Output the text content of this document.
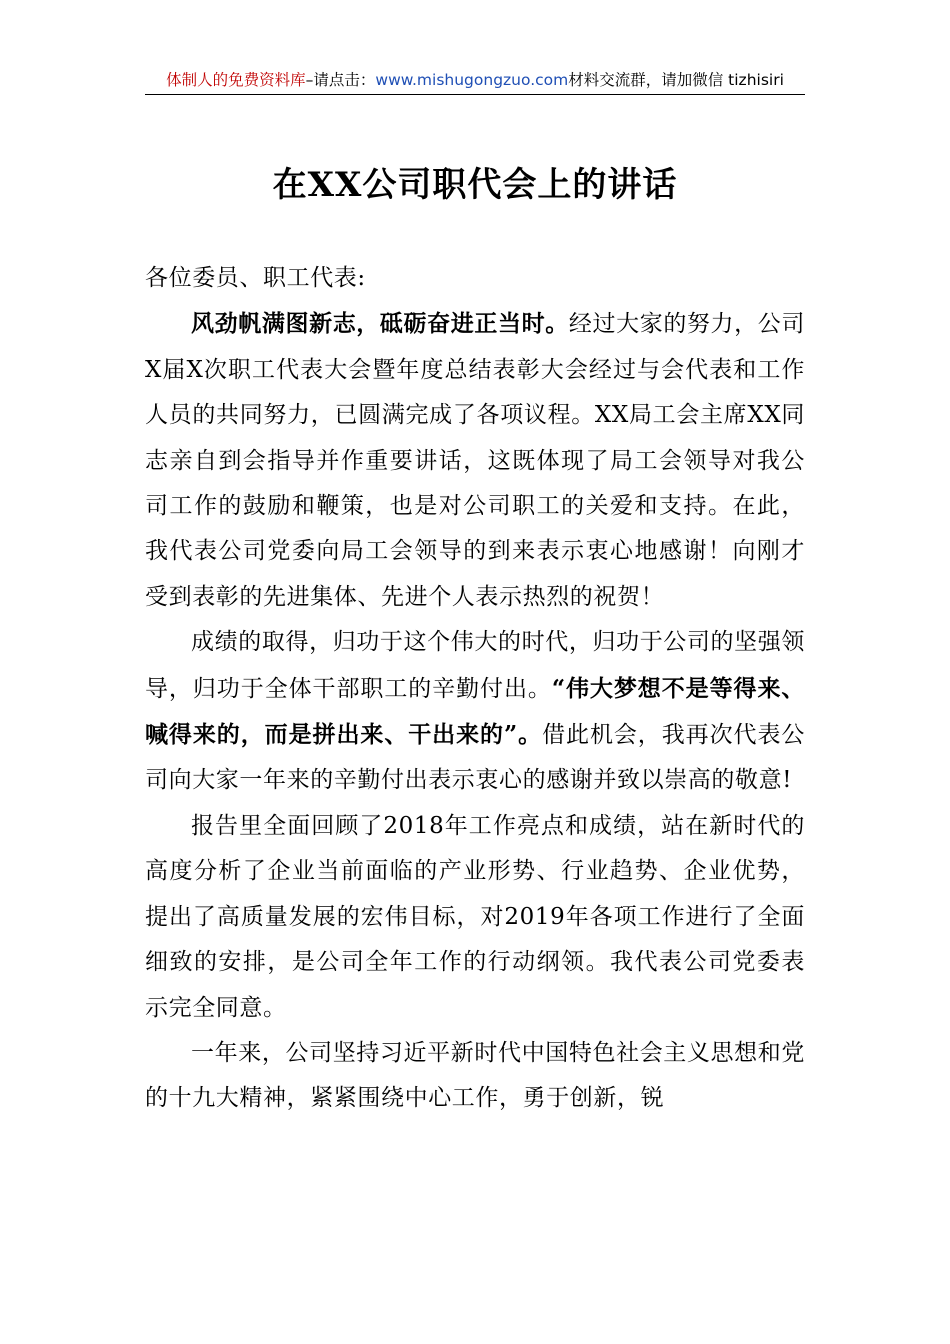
体制人的免费资料库–请点击：www.mishugongzuo.com材料交流群，请加微信 tizhisiri
在XX公司职代会上的讲话

各位委员、职工代表:

风劲帆满图新志，砥砺奋进正当时。经过大家的努力，公司X届X次职工代表大会暨年度总结表彰大会经过与会代表和工作人员的共同努力，已圆满完成了各项议程。XX局工会主席XX同志亲自到会指导并作重要讲话，这既体现了局工会领导对我公司工作的鼓励和鞭策，也是对公司职工的关爱和支持。在此，我代表公司党委向局工会领导的到来表示衷心地感谢！向刚才受到表彰的先进集体、先进个人表示热烈的祝贺！

成绩的取得，归功于这个伟大的时代，归功于公司的坚强领导，归功于全体干部职工的辛勤付出。“伟大梦想不是等得来、喊得来的，而是拼出来、干出来的”。借此机会，我再次代表公司向大家一年来的辛勤付出表示衷心的感谢并致以崇高的敬意!

报告里全面回顾了2018年工作亮点和成绩，站在新时代的高度分析了企业当前面临的产业形势、行业趋势、企业优势，提出了高质量发展的宏伟目标，对2019年各项工作进行了全面细致的安排，是公司全年工作的行动纲领。我代表公司党委表示完全同意。

一年来，公司坚持习近平新时代中国特色社会主义思想和党的十九大精神，紧紧围绕中心工作，勇于创新，锐
